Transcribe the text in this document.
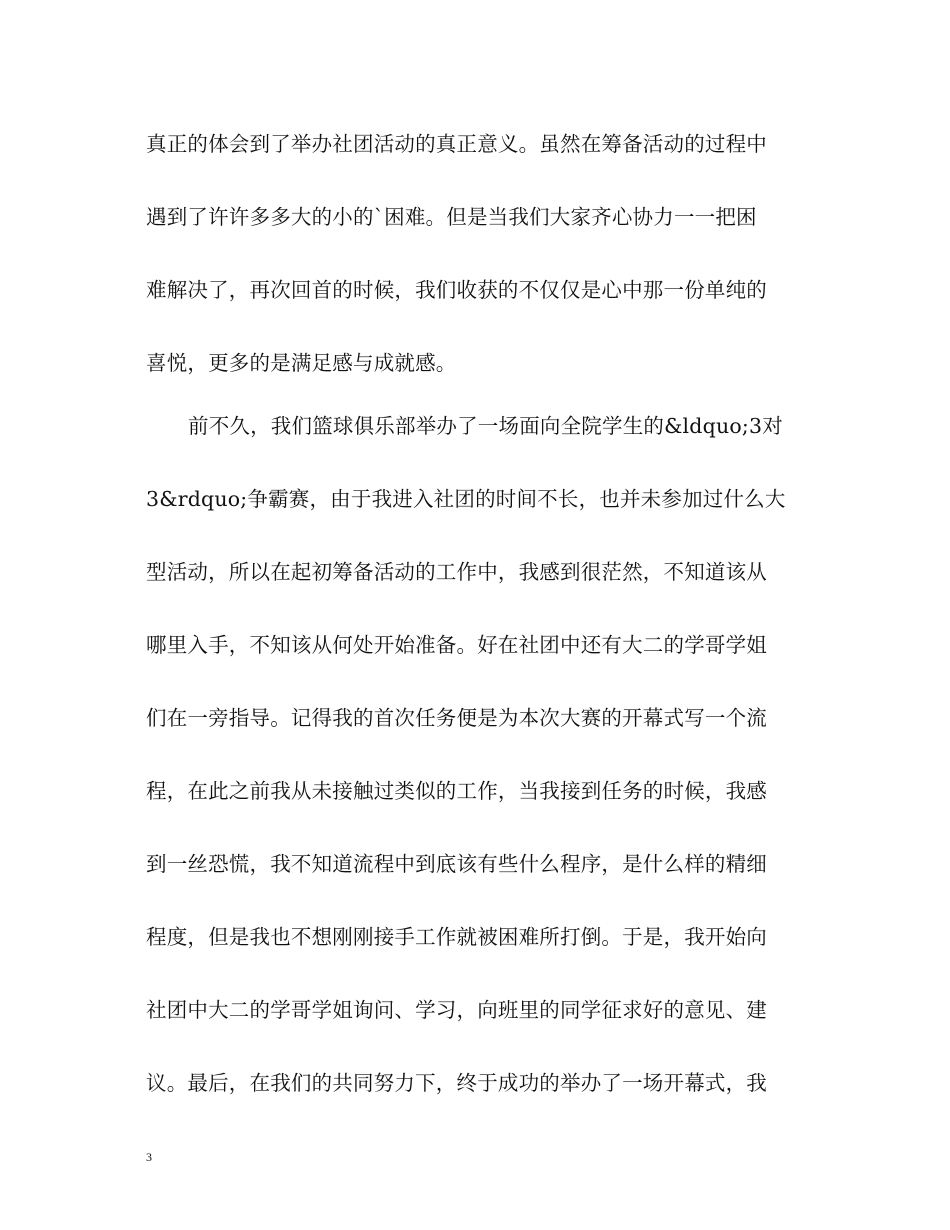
真正的体会到了举办社团活动的真正意义。虽然在筹备活动的过程中
遇到了许许多多大的小的`困难。但是当我们大家齐心协力一一把困
难解决了，再次回首的时候，我们收获的不仅仅是心中那一份单纯的
喜悦，更多的是满足感与成就感。
前不久，我们篮球俱乐部举办了一场面向全院学生的&ldquo;3对
3&rdquo;争霸赛，由于我进入社团的时间不长，也并未参加过什么大
型活动，所以在起初筹备活动的工作中，我感到很茫然，不知道该从
哪里入手，不知该从何处开始准备。好在社团中还有大二的学哥学姐
们在一旁指导。记得我的首次任务便是为本次大赛的开幕式写一个流
程，在此之前我从未接触过类似的工作，当我接到任务的时候，我感
到一丝恐慌，我不知道流程中到底该有些什么程序，是什么样的精细
程度，但是我也不想刚刚接手工作就被困难所打倒。于是，我开始向
社团中大二的学哥学姐询问、学习，向班里的同学征求好的意见、建
议。最后，在我们的共同努力下，终于成功的举办了一场开幕式，我
3
